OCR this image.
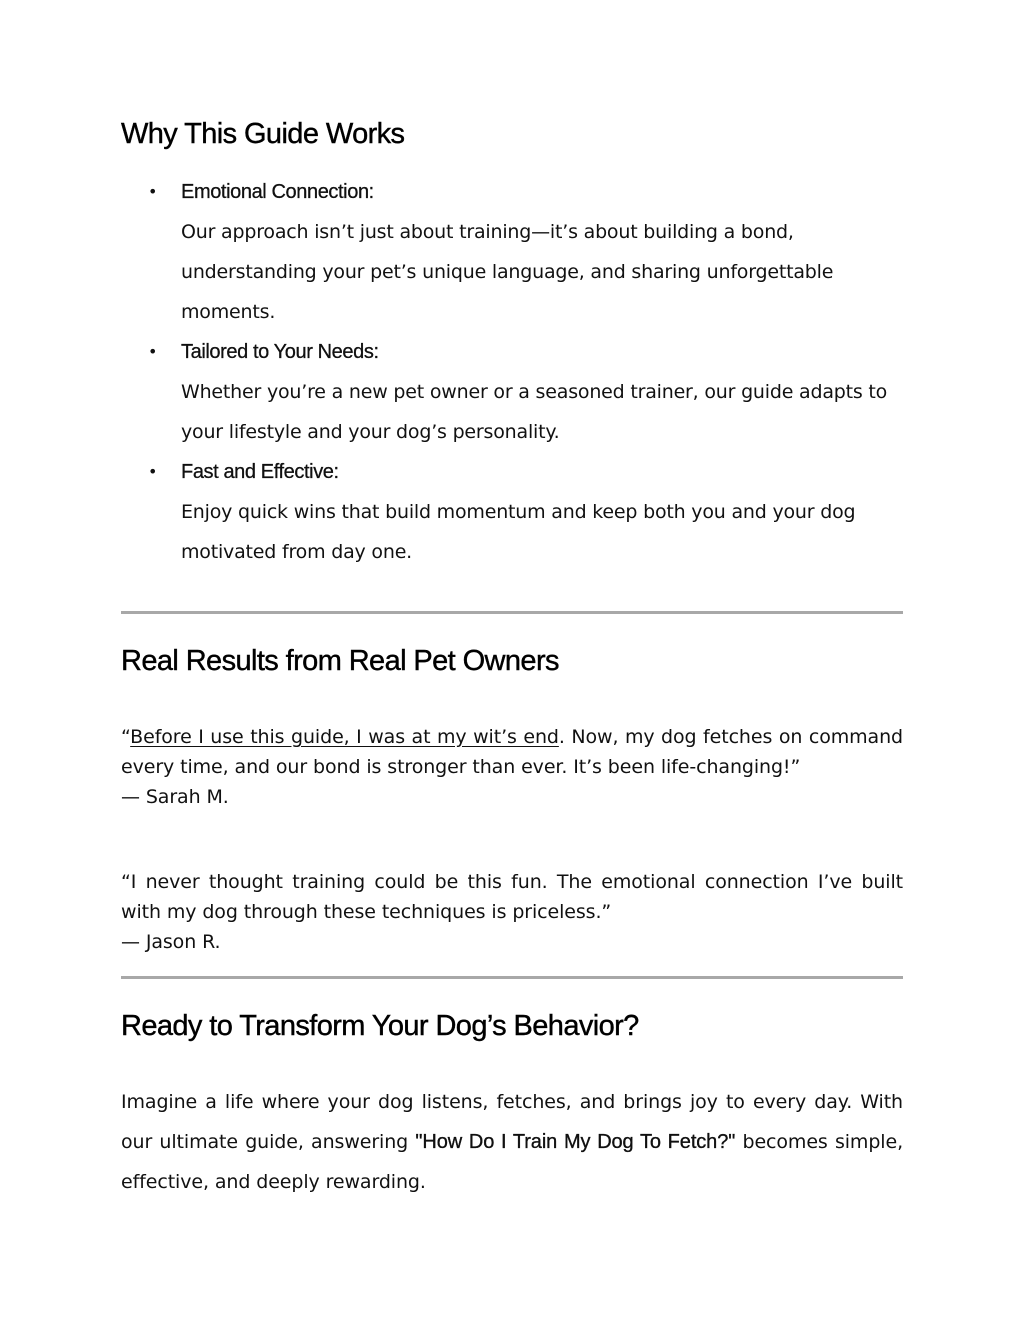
Why This Guide Works
• Emotional Connection:
Our approach isn’t just about training—it’s about building a bond, understanding your pet’s unique language, and sharing unforgettable moments.
• Tailored to Your Needs:
Whether you’re a new pet owner or a seasoned trainer, our guide adapts to your lifestyle and your dog’s personality.
• Fast and Effective:
Enjoy quick wins that build momentum and keep both you and your dog motivated from day one.
Real Results from Real Pet Owners

“Before I use this guide, I was at my wit’s end. Now, my dog fetches on command every time, and our bond is stronger than ever. It’s been life-changing!”
— Sarah M.

“I never thought training could be this fun. The emotional connection I’ve built with my dog through these techniques is priceless.”
— Jason R.

Ready to Transform Your Dog’s Behavior?

Imagine a life where your dog listens, fetches, and brings joy to every day. With our ultimate guide, answering "How Do I Train My Dog To Fetch?" becomes simple, effective, and deeply rewarding.
